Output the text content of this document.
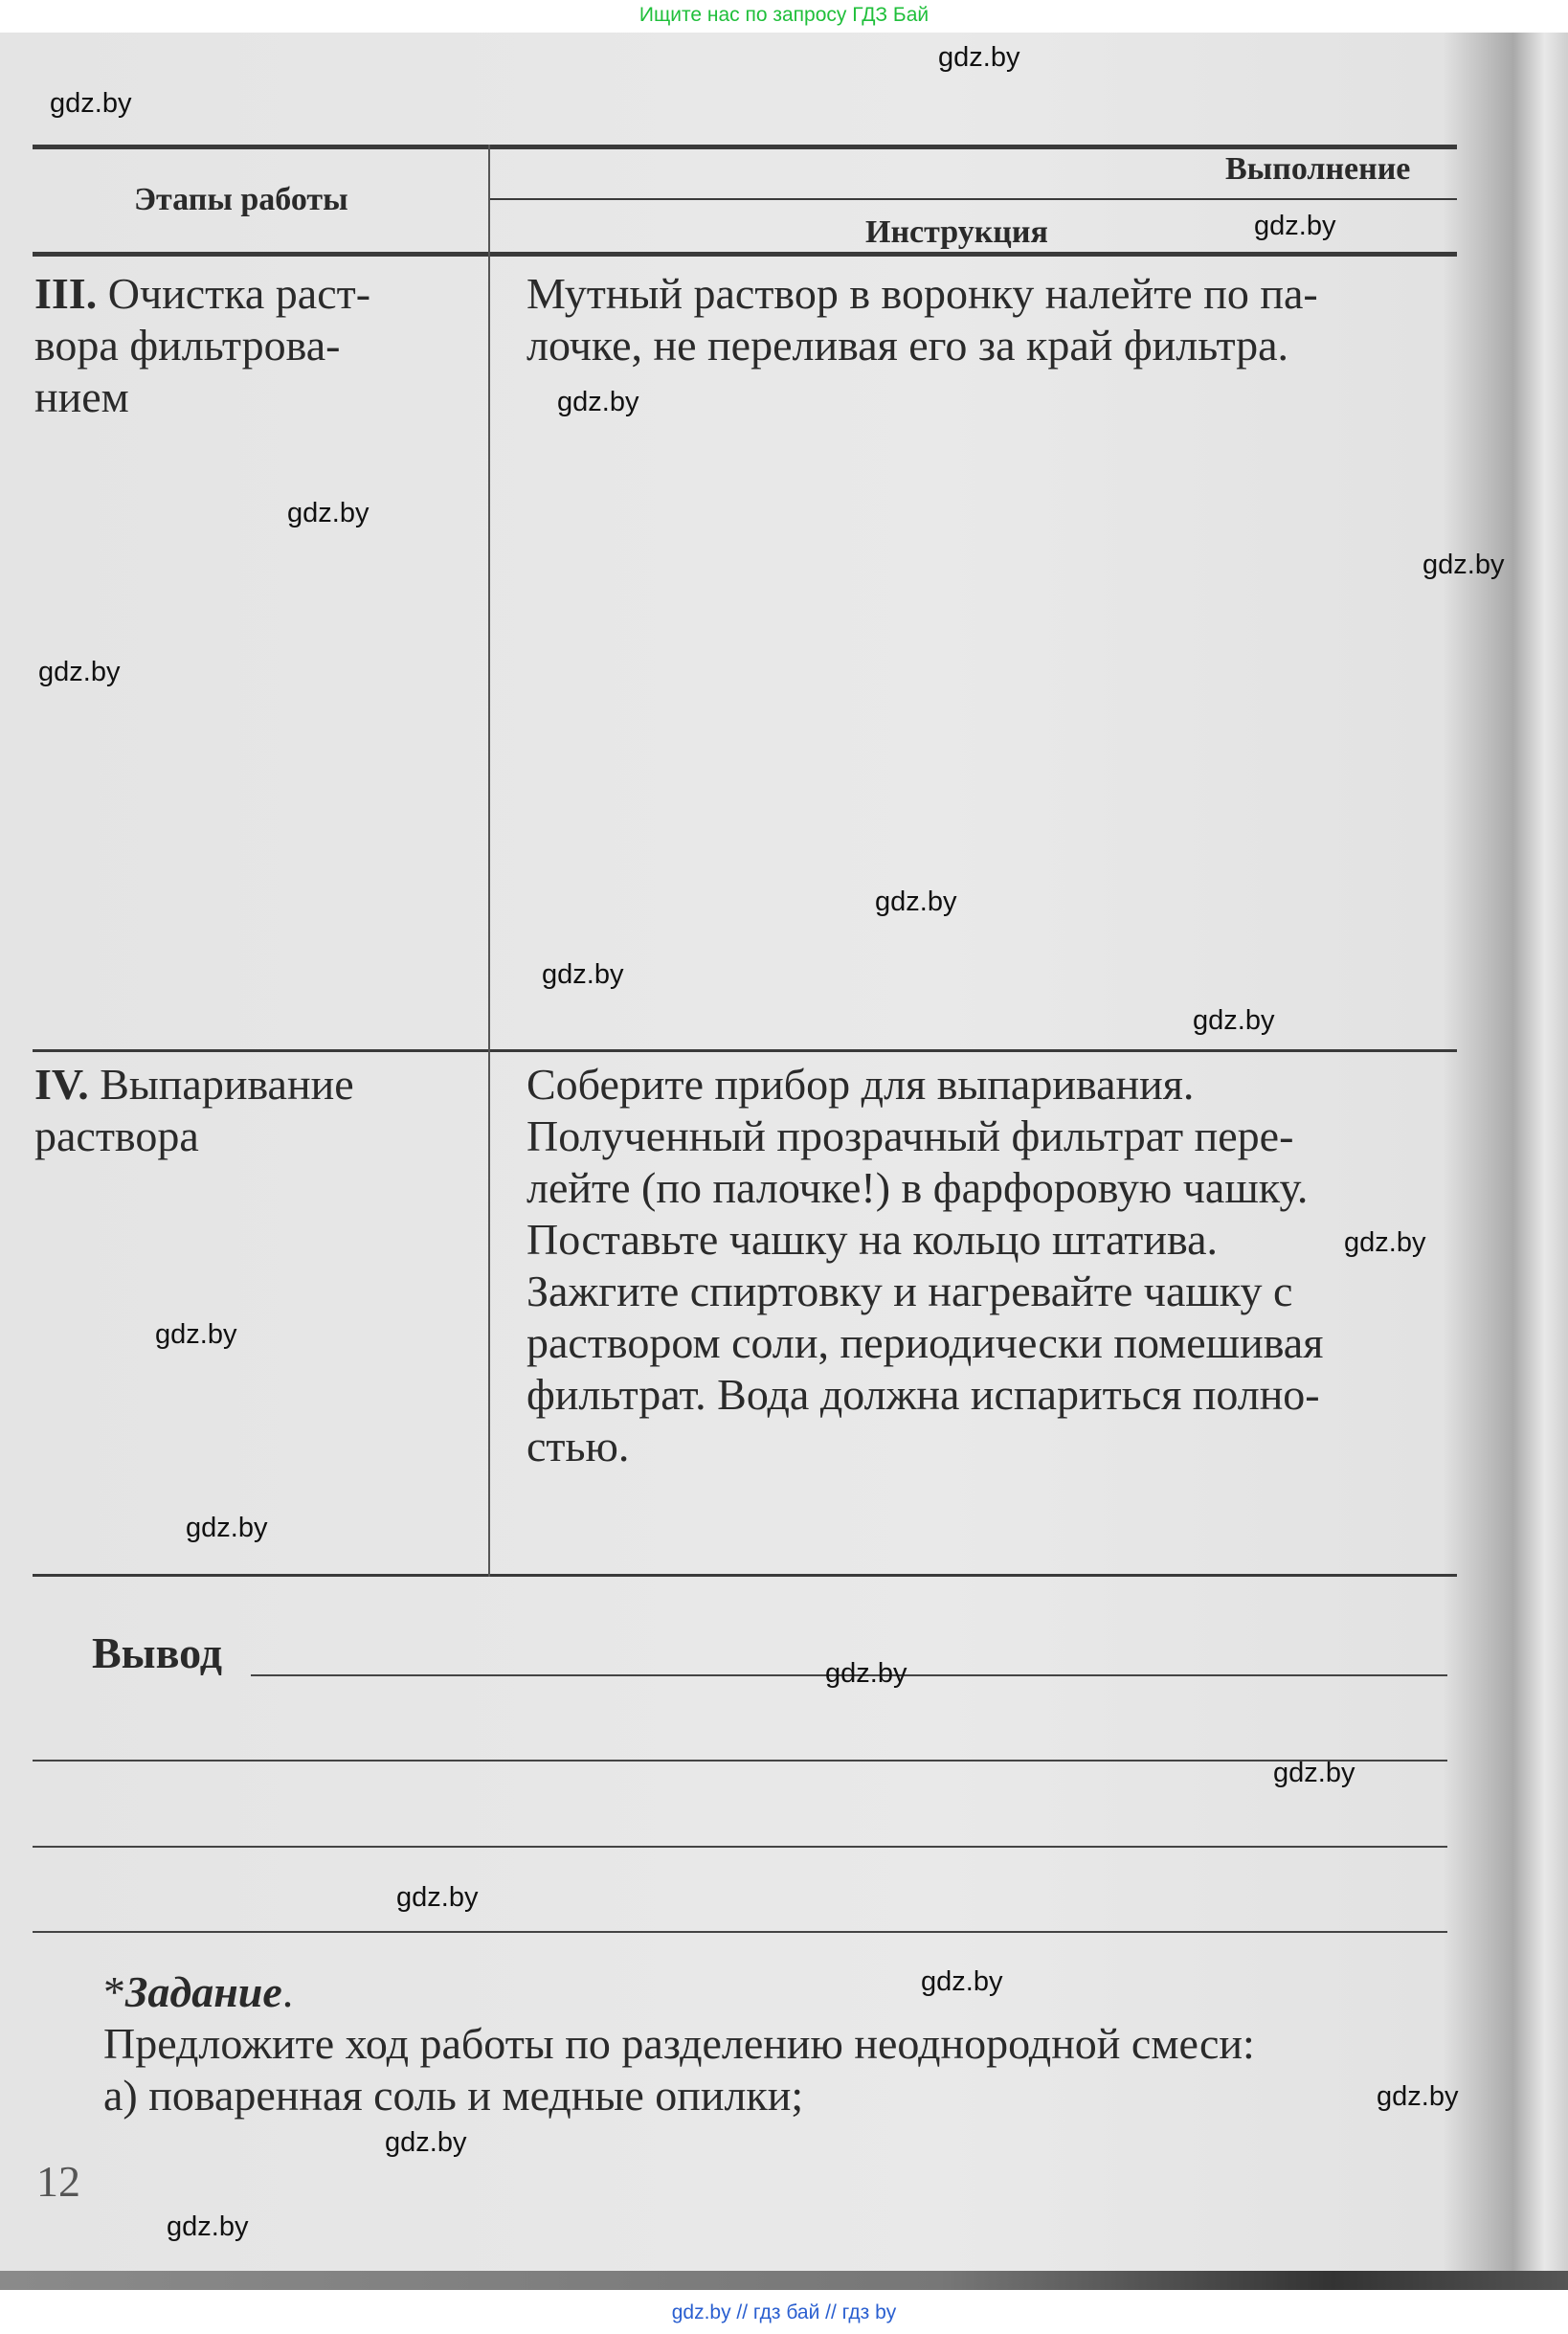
Ищите нас по запросу ГДЗ Бай
Этапы работы
Выполнение
Инструкция
III. Очистка раст-
вора фильтрова-
нием
Мутный раствор в воронку налейте по па-
лочке, не переливая его за край фильтра.
IV. Выпаривание
раствора
Соберите прибор для выпаривания.
Полученный прозрачный фильтрат пере-
лейте (по палочке!) в фарфоровую чашку.
Поставьте чашку на кольцо штатива.
Зажгите спиртовку и нагревайте чашку с
раствором соли, периодически помешивая
фильтрат. Вода должна испариться полно-
стью.
Вывод
*Задание.
Предложите ход работы по разделению неоднородной смеси:
а) поваренная соль и медные опилки;
12
gdz.by
gdz.by
gdz.by
gdz.by
gdz.by
gdz.by
gdz.by
gdz.by
gdz.by
gdz.by
gdz.by
gdz.by
gdz.by
gdz.by
gdz.by
gdz.by
gdz.by
gdz.by
gdz.by
gdz.by
gdz.by // гдз бай // гдз by
